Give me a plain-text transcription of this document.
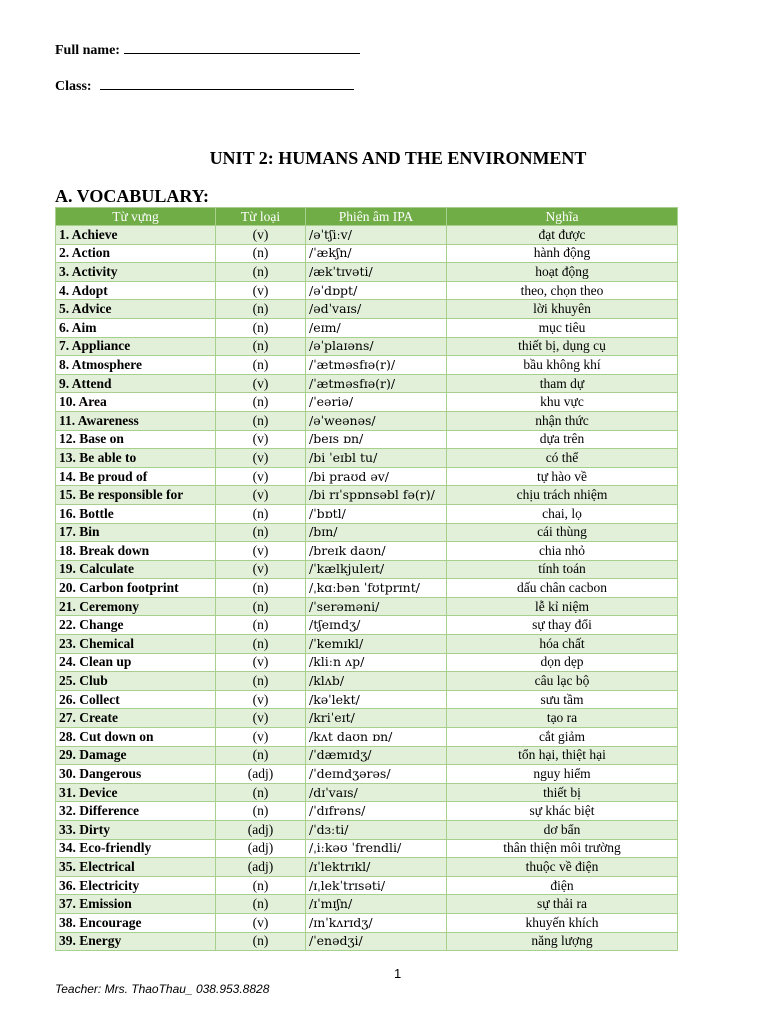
Full name:
Class:
UNIT 2: HUMANS AND THE ENVIRONMENT
A. VOCABULARY:
Từ vựng	Từ loại	Phiên âm IPA	Nghĩa
1. Achieve	(v)	/əˈtʃiːv/	đạt được
2. Action	(n)	/ˈækʃn/	hành động
3. Activity	(n)	/ækˈtɪvəti/	hoạt động
4. Adopt	(v)	/əˈdɒpt/	theo, chọn theo
5. Advice	(n)	/ədˈvaɪs/	lời khuyên
6. Aim	(n)	/eɪm/	mục tiêu
7. Appliance	(n)	/əˈplaɪəns/	thiết bị, dụng cụ
8. Atmosphere	(n)	/ˈætməsfɪə(r)/	bầu không khí
9. Attend	(v)	/ˈætməsfɪə(r)/	tham dự
10. Area	(n)	/ˈeəriə/	khu vực
11. Awareness	(n)	/əˈweənəs/	nhận thức
12. Base on	(v)	/beɪs ɒn/	dựa trên
13. Be able to	(v)	/bi ˈeɪbl tu/	có thể
14. Be proud of	(v)	/bi praʊd əv/	tự hào về
15. Be responsible for	(v)	/bi rɪˈspɒnsəbl fə(r)/	chịu trách nhiệm
16. Bottle	(n)	/ˈbɒtl/	chai, lọ
17. Bin	(n)	/bɪn/	cái thùng
18. Break down	(v)	/breɪk daʊn/	chia nhỏ
19. Calculate	(v)	/ˈkælkjuleɪt/	tính toán
20. Carbon footprint	(n)	/ˌkɑːbən ˈfʊtprɪnt/	dấu chân cacbon
21. Ceremony	(n)	/ˈserəməni/	lễ kỉ niệm
22. Change	(n)	/tʃeɪndʒ/	sự thay đổi
23. Chemical	(n)	/ˈkemɪkl/	hóa chất
24. Clean up	(v)	/kliːn ʌp/	dọn dẹp
25. Club	(n)	/klʌb/	câu lạc bộ
26. Collect	(v)	/kəˈlekt/	sưu tầm
27. Create	(v)	/kriˈeɪt/	tạo ra
28. Cut down on	(v)	/kʌt daʊn ɒn/	cắt giảm
29. Damage	(n)	/ˈdæmɪdʒ/	tổn hại, thiệt hại
30. Dangerous	(adj)	/ˈdeɪndʒərəs/	nguy hiểm
31. Device	(n)	/dɪˈvaɪs/	thiết bị
32. Difference	(n)	/ˈdɪfrəns/	sự khác biệt
33. Dirty	(adj)	/ˈdɜːti/	dơ bẩn
34. Eco-friendly	(adj)	/ˌiːkəʊ ˈfrendli/	thân thiện môi trường
35. Electrical	(adj)	/ɪˈlektrɪkl/	thuộc về điện
36. Electricity	(n)	/ɪˌlekˈtrɪsəti/	điện
37. Emission	(n)	/ɪˈmɪʃn/	sự thải ra
38. Encourage	(v)	/ɪnˈkʌrɪdʒ/	khuyến khích
39. Energy	(n)	/ˈenədʒi/	năng lượng
1
Teacher: Mrs. ThaoThau_ 038.953.8828
